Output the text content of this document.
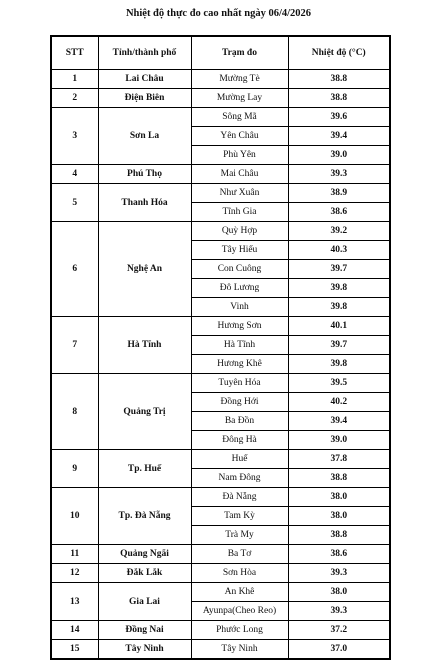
Nhiệt độ thực đo cao nhất ngày 06/4/2026
STT	Tỉnh/thành phố	Trạm đo	Nhiệt độ (°C)
1	Lai Châu	Mường Tè	38.8
2	Điện Biên	Mường Lay	38.8
3	Sơn La	Sông Mã	39.6
		Yên Châu	39.4
		Phù Yên	39.0
4	Phú Thọ	Mai Châu	39.3
5	Thanh Hóa	Như Xuân	38.9
		Tĩnh Gia	38.6
6	Nghệ An	Quỳ Hợp	39.2
		Tây Hiếu	40.3
		Con Cuông	39.7
		Đô Lương	39.8
		Vinh	39.8
7	Hà Tĩnh	Hương Sơn	40.1
		Hà Tĩnh	39.7
		Hương Khê	39.8
8	Quảng Trị	Tuyên Hóa	39.5
		Đồng Hới	40.2
		Ba Đồn	39.4
		Đông Hà	39.0
9	Tp. Huế	Huế	37.8
		Nam Đông	38.8
10	Tp. Đà Nẵng	Đà Nẵng	38.0
		Tam Kỳ	38.0
		Trà My	38.8
11	Quảng Ngãi	Ba Tơ	38.6
12	Đắk Lắk	Sơn Hòa	39.3
13	Gia Lai	An Khê	38.0
		Ayunpa(Cheo Reo)	39.3
14	Đồng Nai	Phước Long	37.2
15	Tây Ninh	Tây Ninh	37.0
